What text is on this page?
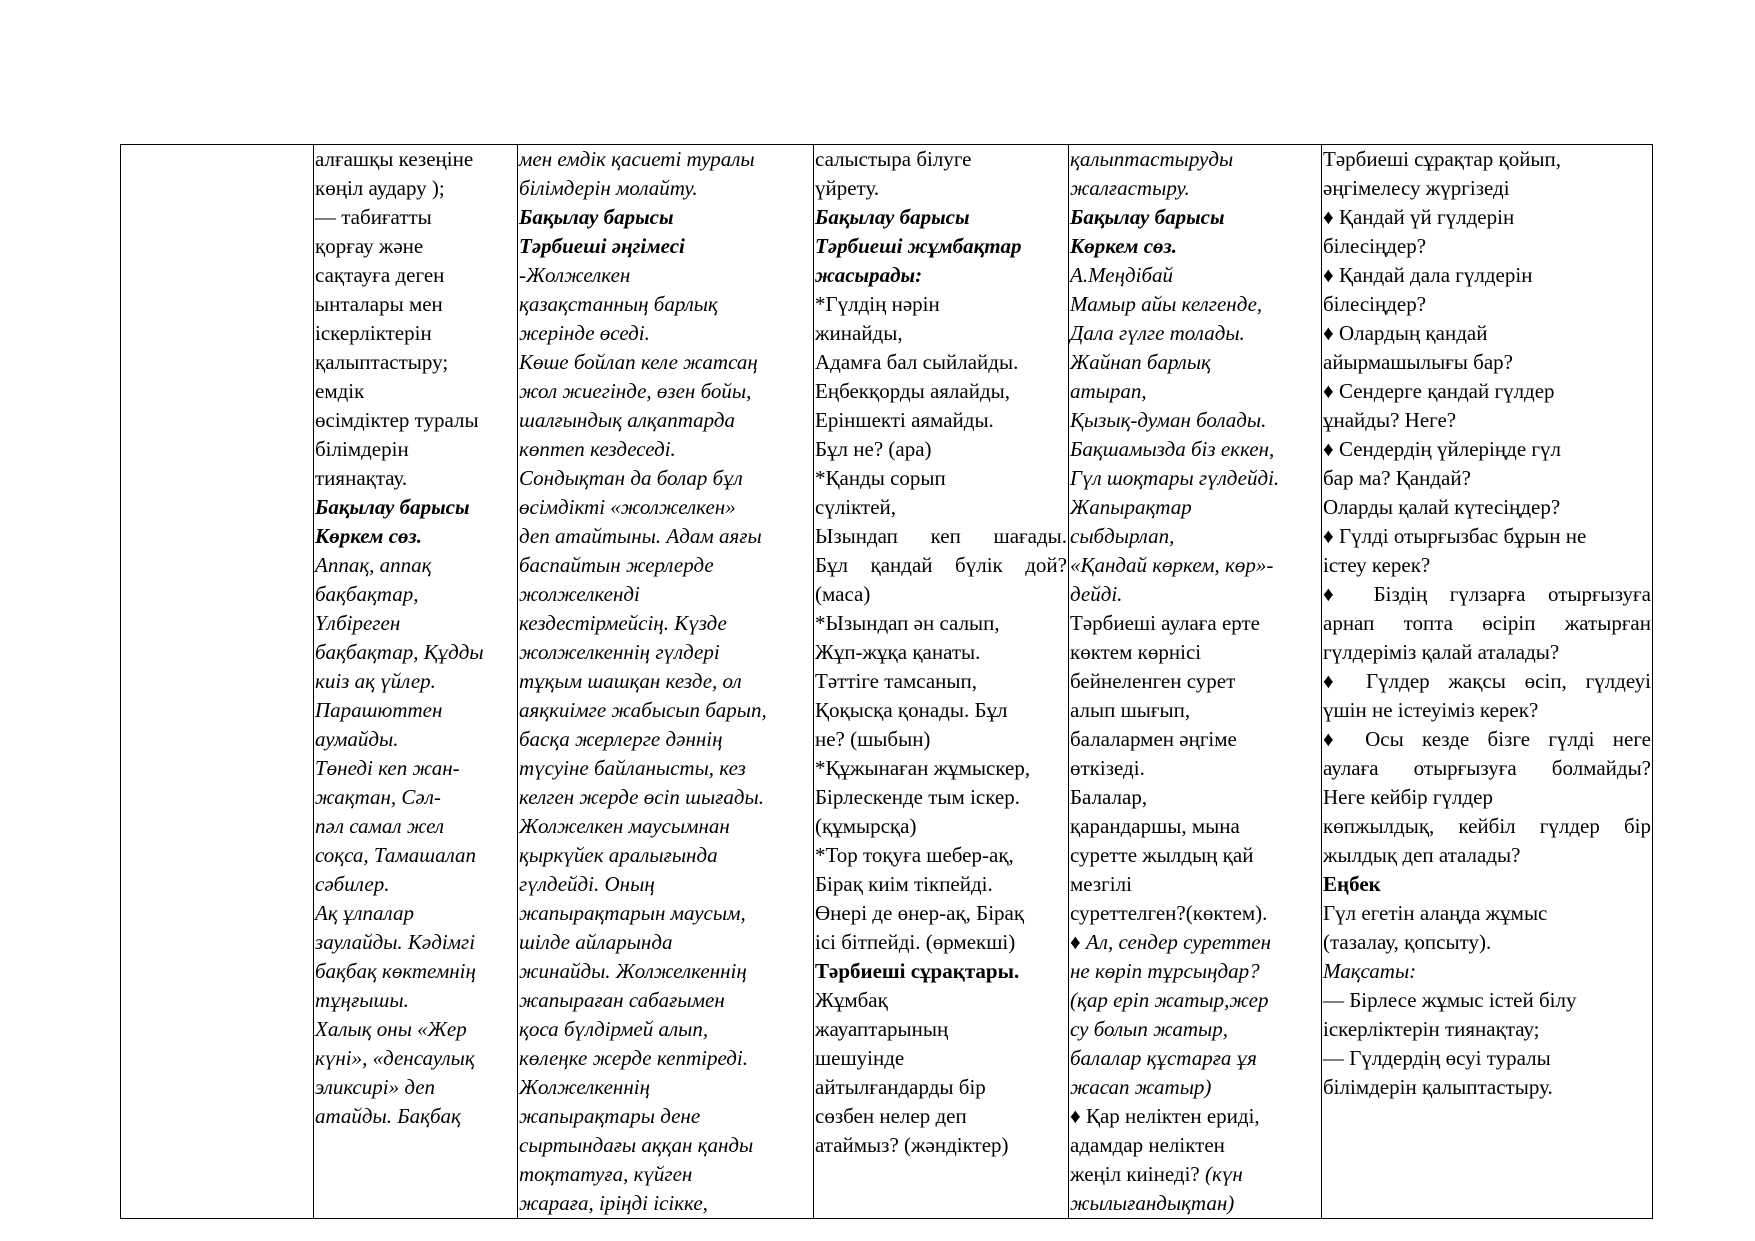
алғашқы кезеңіне
көңіл аудару );
— табиғатты
қорғау және
сақтауға деген
ынталары мен
іскерліктерін
қалыптастыру;
емдік
өсімдіктер туралы
білімдерін
тиянақтау.
Бақылау барысы
Көркем сөз.
Аппақ, аппақ
бақбақтар,
Үлбіреген
бақбақтар, Құдды
киіз ақ үйлер.
Парашюттен
аумайды.
Төнеді кеп жан-
жақтан, Сәл-
пәл самал жел
соқса, Тамашалап
сәбилер.
Ақ ұлпалар
заулайды. Кәдімгі
бақбақ көктемнің
тұңғышы.
Халық оны «Жер
күні», «денсаулық
эликсирі» деп
атайды. Бақбақ

мен емдік қасиеті туралы
білімдерін молайту.
Бақылау барысы
Тәрбиеші әңгімесі
-Жолжелкен
қазақстанның барлық
жерінде өседі.
Көше бойлап келе жатсаң
жол жиегінде, өзен бойы,
шалғындық алқаптарда
көптеп кездеседі.
Сондықтан да болар бұл
өсімдікті «жолжелкен»
деп атайтыны. Адам аяғы
баспайтын жерлерде
жолжелкенді
кездестірмейсің. Күзде
жолжелкеннің гүлдері
тұқым шашқан кезде, ол
аяқкиімге жабысып барып,
басқа жерлерге дәннің
түсуіне байланысты, кез
келген жерде өсіп шығады.
Жолжелкен маусымнан
қыркүйек аралығында
гүлдейді. Оның
жапырақтарын маусым,
шілде айларында
жинайды. Жолжелкеннің
жапыраған сабағымен
қоса бүлдірмей алып,
көлеңке жерде кептіреді.
Жолжелкеннің
жапырақтары дене
сыртындағы аққан қанды
тоқтатуға, күйген
жараға, іріңді ісікке,

салыстыра білуге
үйрету.
Бақылау барысы
Тәрбиеші жұмбақтар
жасырады:
*Гүлдің нәрін
жинайды,
Адамға бал сыйлайды.
Еңбекқорды аялайды,
Еріншекті аямайды.
Бұл не? (ара)
*Қанды сорып
сүліктей,
Ызындап кеп шағады.
Бұл қандай бүлік дой?
(маса)
*Ызындап ән салып,
Жұп-жұқа қанаты.
Тәттіге тамсанып,
Қоқысқа қонады. Бұл
не? (шыбын)
*Құжынаған жұмыскер,
Бірлескенде тым іскер.
(құмырсқа)
*Тор тоқуға шебер-ақ,
Бірақ киім тікпейді.
Өнері де өнер-ақ, Бірақ
ісі бітпейді. (өрмекші)
Тәрбиеші сұрақтары.
Жұмбақ
жауаптарының
шешуінде
айтылғандарды бір
сөзбен нелер деп
атаймыз? (жәндіктер)

қалыптастыруды
жалғастыру.
Бақылау барысы
Көркем сөз.
А.Меңдібай
Мамыр айы келгенде,
Дала гүлге толады.
Жайнап барлық
атырап,
Қызық-думан болады.
Бақшамызда біз еккен,
Гүл шоқтары гүлдейді.
Жапырақтар
сыбдырлап,
«Қандай көркем, көр»-
дейді.
Тәрбиеші аулаға ерте
көктем көрнісі
бейнеленген сурет
алып шығып,
балалармен әңгіме
өткізеді.
Балалар,
қарандаршы, мына
суретте жылдың қай
мезгілі
суреттелген?(көктем).
♦ Ал, сендер суреттен
не көріп тұрсыңдар?
(қар еріп жатыр,жер
су болып жатыр,
балалар құстарға ұя
жасап жатыр)
♦ Қар неліктен ериді,
адамдар неліктен
жеңіл киінеді? (күн
жылығандықтан)

Тәрбиеші сұрақтар қойып,
әңгімелесу жүргізеді
♦ Қандай үй гүлдерін
білесіңдер?
♦ Қандай дала гүлдерін
білесіңдер?
♦ Олардың қандай
айырмашылығы бар?
♦ Сендерге қандай гүлдер
ұнайды? Неге?
♦ Сендердің үйлеріңде гүл
бар ма? Қандай?
Оларды қалай күтесіңдер?
♦ Гүлді отырғызбас бұрын не
істеу керек?
♦ Біздің гүлзарға отырғызуға
арнап топта өсіріп жатырған
гүлдеріміз қалай аталады?
♦ Гүлдер жақсы өсіп, гүлдеуі
үшін не істеуіміз керек?
♦ Осы кезде бізге гүлді неге
аулаға отырғызуға болмайды?
Неге кейбір гүлдер
көпжылдық, кейбіл гүлдер бір
жылдық деп аталады?
Еңбек
Гүл егетін алаңда жұмыс
(тазалау, қопсыту).
Мақсаты:
— Бірлесе жұмыс істей білу
іскерліктерін тиянақтау;
— Гүлдердің өсуі туралы
білімдерін қалыптастыру.
